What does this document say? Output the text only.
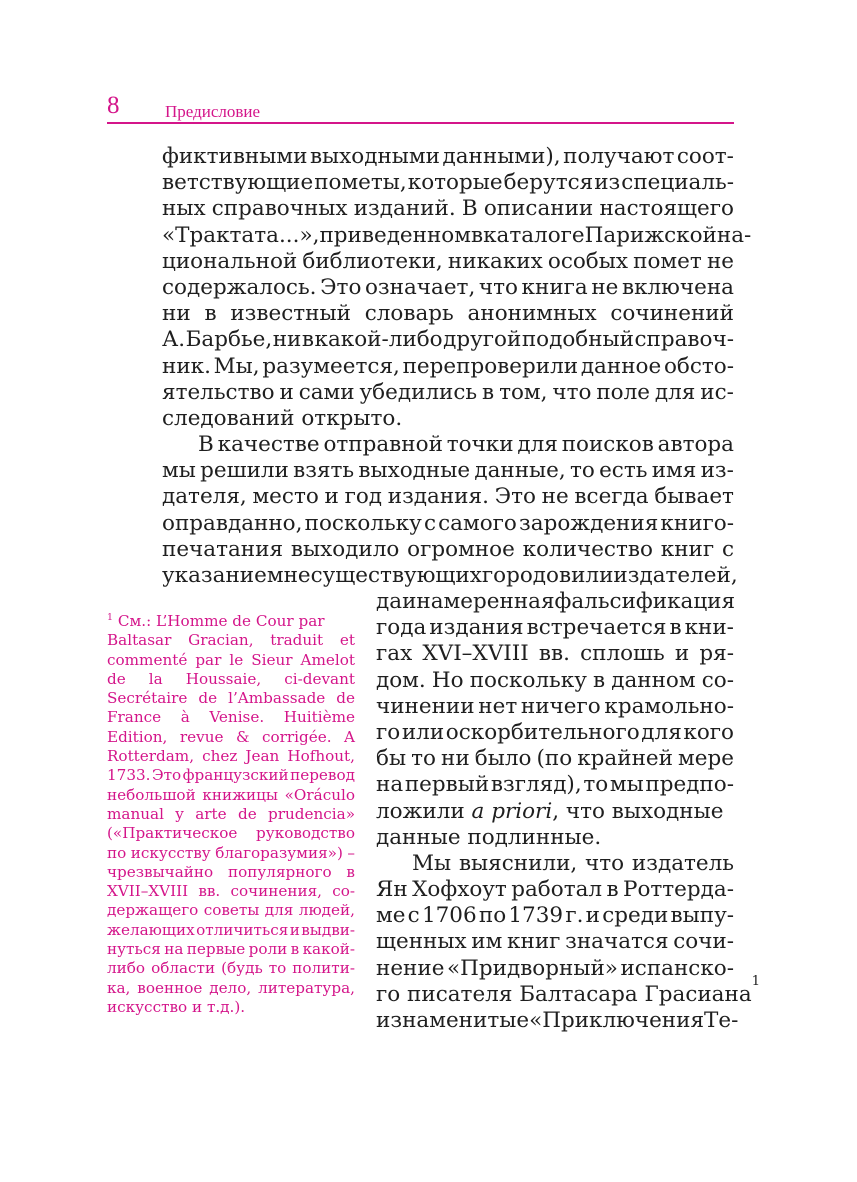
8	Предисловие
фиктивными выходными данными), получают соот-
ветствующие пометы, которые берутся из специаль-
ных справочных изданий. В описании настоящего
«Трактата...», приведенном в каталоге Парижской на-
циональной библиотеки, никаких особых помет не
содержалось. Это означает, что книга не включена
ни в известный словарь анонимных сочинений
А. Барбье, ни в какой-либо другой подобный справоч-
ник. Мы, разумеется, перепроверили данное обсто-
ятельство и сами убедились в том, что поле для ис-
следований открыто.
В качестве отправной точки для поисков автора
мы решили взять выходные данные, то есть имя из-
дателя, место и год издания. Это не всегда бывает
оправданно, поскольку с самого зарождения книго-
печатания выходило огромное количество книг с
указанием несуществующих городов или издателей,
да и намеренная фальсификация
года издания встречается в кни-
гах XVI–XVIII вв. сплошь и ря-
дом. Но поскольку в данном со-
чинении нет ничего крамольно-
го или оскорбительного для кого
бы то ни было (по крайней мере
на первый взгляд), то мы предпо-
ложили a priori, что выходные
данные подлинные.
Мы выяснили, что издатель
Ян Хофхоут работал в Роттерда-
ме с 1706 по 1739 г. и среди выпу-
щенных им книг значатся сочи-
нение «Придворный» испанско-
го писателя Балтасара Грасиана
1
и знаменитые «Приключения Те-
$^1$ См.: L’Homme de Cour par
Baltasar Gracian, traduit et
commenté par le Sieur Amelot
de la Houssaie, ci-devant
Secrétaire de l’Ambassade de
France à Venise. Huitième
Edition, revue & corrigée. A
Rotterdam, chez Jean Hofhout,
1733. Это французский перевод
небольшой книжицы «Oráculo
manual y arte de prudencia»
(«Практическое руководство
по искусству благоразумия») –
чрезвычайно популярного в
XVII–XVIII вв. сочинения, со-
держащего советы для людей,
желающих отличиться и выдви-
нуться на первые роли в какой-
либо области (будь то полити-
ка, военное дело, литература,
искусство и т.д.).
